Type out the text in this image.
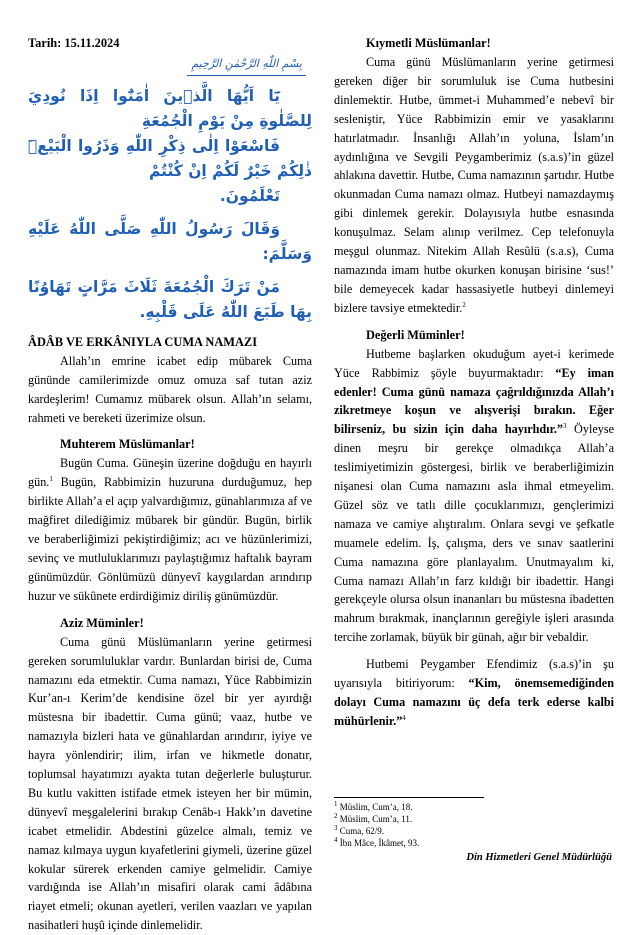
Tarih: 15.11.2024
بِسْمِ اللّٰهِ الرَّحْمٰنِ الرَّحِيمِ

يَٓا اَيُّهَا الَّذ۪ينَ اٰمَنُٓوا اِذَا نُودِيَ لِلصَّلٰوةِ مِنْ يَوْمِ الْجُمُعَةِ

فَاسْعَوْا اِلٰى ذِكْرِ اللّٰهِ وَذَرُوا الْبَيْعَۜ ذٰلِكُمْ خَيْرٌ لَكُمْ اِنْ كُنْتُمْ

تَعْلَمُونَ.

وَقَالَ رَسُولُ اللّٰهِ صَلَّى اللّٰهُ عَلَيْهِ وَسَلَّمَ:

مَنْ تَرَكَ الْجُمُعَةَ ثَلَاثَ مَرَّاتٍ تَهَاوُنًا بِهَا طَبَعَ اللّٰهُ عَلَى قَلْبِهِ.

ÂDÂB VE ERKÂNIYLA CUMA NAMAZI

Allah’ın emrine icabet edip mübarek Cuma gününde camilerimizde omuz omuza saf tutan aziz kardeşlerim! Cumamız mübarek olsun. Allah’ın selamı, rahmeti ve bereketi üzerimize olsun.

Muhterem Müslümanlar!

Bugün Cuma. Güneşin üzerine doğduğu en hayırlı gün.$^1$ Bugün, Rabbimizin huzuruna durduğumuz, hep birlikte Allah’a el açıp yalvardığımız, günahlarımıza af ve mağfiret dilediğimiz mübarek bir gündür. Bugün, birlik ve beraberliğimizi pekiştirdiğimiz; acı ve hüzünlerimizi, sevinç ve mutluluklarımızı paylaştığımız haftalık bayram günümüzdür. Gönlümüzü dünyevî kaygılardan arındırıp huzur ve sükûnete erdirdiğimiz diriliş günümüzdür.

Aziz Müminler!

Cuma günü Müslümanların yerine getirmesi gereken sorumluluklar vardır. Bunlardan birisi de, Cuma namazını eda etmektir. Cuma namazı, Yüce Rabbimizin Kur’an-ı Kerim’de kendisine özel bir yer ayırdığı müstesna bir ibadettir. Cuma günü; vaaz, hutbe ve namazıyla bizleri hata ve günahlardan arındırır, iyiye ve hayra yönlendirir; ilim, irfan ve hikmetle donatır, toplumsal hayatımızı ayakta tutan değerlerle buluşturur. Bu kutlu vakitten istifade etmek isteyen her bir mümin, dünyevî meşgalelerini bırakıp Cenâb-ı Hakk’ın davetine icabet etmelidir. Abdestini güzelce almalı, temiz ve namaz kılmaya uygun kıyafetlerini giymeli, üzerine güzel kokular sürerek erkenden camiye gelmelidir. Camiye vardığında ise Allah’ın misafiri olarak cami âdâbına riayet etmeli; okunan ayetleri, verilen vaazları ve yapılan nasihatleri huşû içinde dinlemelidir.

Kıymetli Müslümanlar!

Cuma günü Müslümanların yerine getirmesi gereken diğer bir sorumluluk ise Cuma hutbesini dinlemektir. Hutbe, ümmet-i Muhammed’e nebevî bir sesleniştir, Yüce Rabbimizin emir ve yasaklarını hatırlatmadır. İnsanlığı Allah’ın yoluna, İslam’ın aydınlığına ve Sevgili Peygamberimiz (s.a.s)’in güzel ahlakına davettir. Hutbe, Cuma namazının şartıdır. Hutbe okunmadan Cuma namazı olmaz. Hutbeyi namazdaymış gibi dinlemek gerekir. Dolayısıyla hutbe esnasında konuşulmaz. Selam alınıp verilmez. Cep telefonuyla meşgul olunmaz. Nitekim Allah Resûlü (s.a.s), Cuma namazında imam hutbe okurken konuşan birisine ‘sus!’ bile demeyecek kadar hassasiyetle hutbeyi dinlemeyi bizlere tavsiye etmektedir.$^2$

Değerli Müminler!

Hutbeme başlarken okuduğum ayet-i kerimede Yüce Rabbimiz şöyle buyurmaktadır: “Ey iman edenler! Cuma günü namaza çağrıldığınızda Allah’ı zikretmeye koşun ve alışverişi bırakın. Eğer bilirseniz, bu sizin için daha hayırlıdır.”$^3$ Öyleyse dinen meşru bir gerekçe olmadıkça Allah’a teslimiyetimizin göstergesi, birlik ve beraberliğimizin nişanesi olan Cuma namazını asla ihmal etmeyelim. Güzel söz ve tatlı dille çocuklarımızı, gençlerimizi namaza ve camiye alıştıralım. Onlara sevgi ve şefkatle muamele edelim. İş, çalışma, ders ve sınav saatlerini Cuma namazına göre planlayalım. Unutmayalım ki, Cuma namazı Allah’ın farz kıldığı bir ibadettir. Hangi gerekçeyle olursa olsun inananları bu müstesna ibadetten mahrum bırakmak, inançlarının gereğiyle işleri arasında tercihe zorlamak, büyük bir günah, ağır bir vebaldir.

Hutbemi Peygamber Efendimiz (s.a.s)’in şu uyarısıyla bitiriyorum: “Kim, önemsemediğinden dolayı Cuma namazını üç defa terk ederse kalbi mühürlenir.”$^4$

$^1$ Müslim, Cum’a, 18.
$^2$ Müslim, Cum’a, 11.
$^3$ Cuma, 62/9.
$^4$ İbn Mâce, İkâmet, 93.
Din Hizmetleri Genel Müdürlüğü
